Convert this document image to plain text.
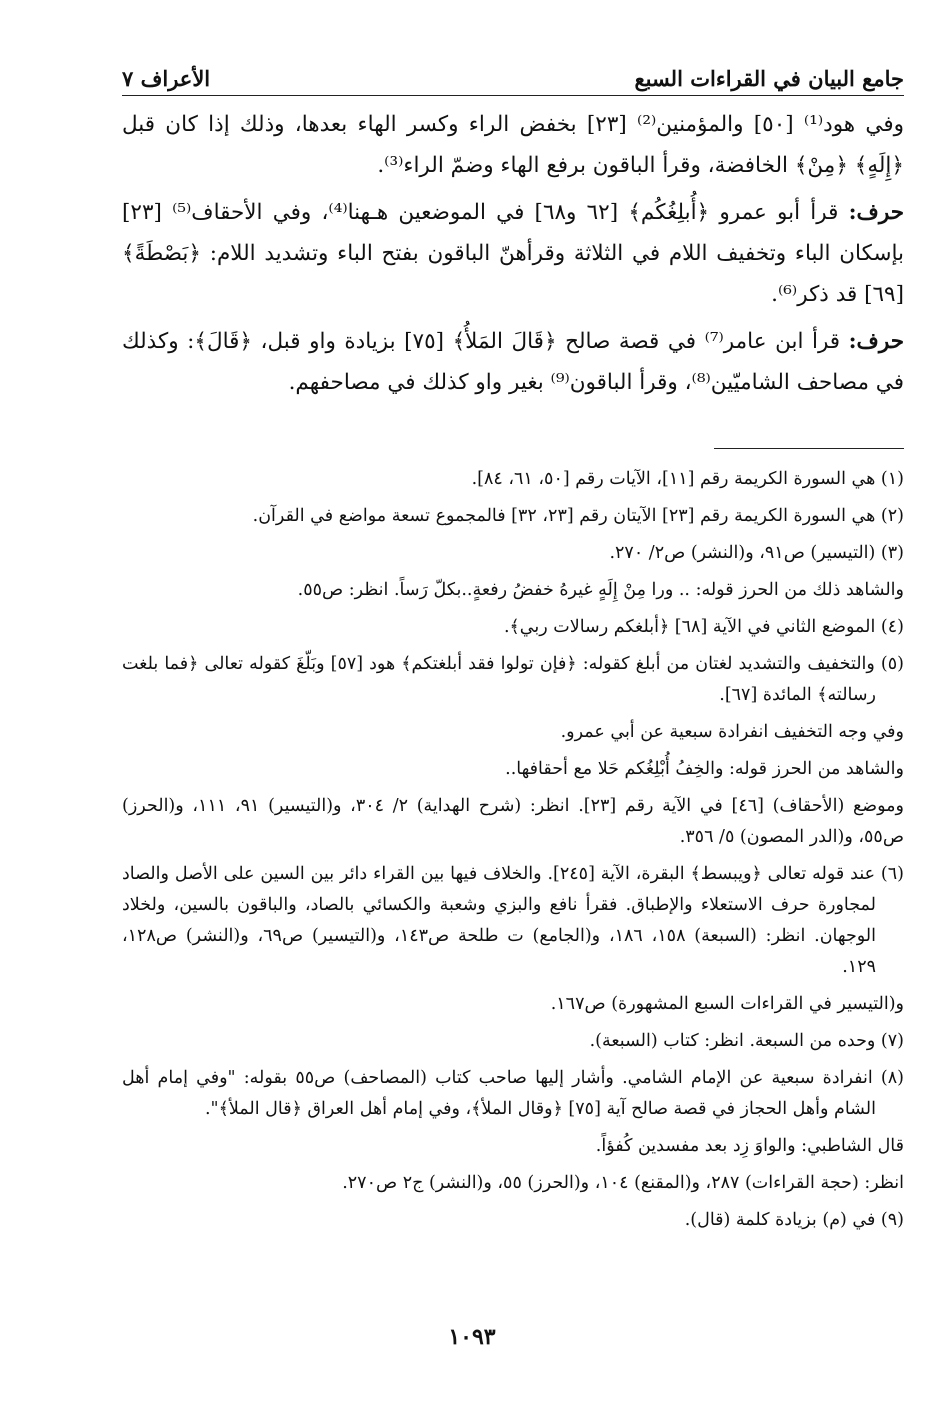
جامع البيان في القراءات السبع
الأعراف ٧

وفي هود⁽¹⁾ [٥٠] والمؤمنين⁽²⁾ [٢٣] بخفض الراء وكسر الهاء بعدها، وذلك إذا كان قبل ﴿إِلَهٍ﴾ ﴿مِنْ﴾ الخافضة، وقرأ الباقون برفع الهاء وضمّ الراء⁽³⁾.

حرف: قرأ أبو عمرو ﴿أُبلِغُكُم﴾ [٦٢ و٦٨] في الموضعين هـهنا⁽⁴⁾، وفي الأحقاف⁽⁵⁾ [٢٣] بإسكان الباء وتخفيف اللام في الثلاثة وقرأهنّ الباقون بفتح الباء وتشديد اللام: ﴿بَصْطَةً﴾ [٦٩] قد ذكر⁽⁶⁾.

حرف: قرأ ابن عامر⁽⁷⁾ في قصة صالح ﴿قَالَ المَلأُ﴾ [٧٥] بزيادة واو قبل، ﴿قَالَ﴾: وكذلك في مصاحف الشاميّين⁽⁸⁾، وقرأ الباقون⁽⁹⁾ بغير واو كذلك في مصاحفهم.

(١) هي السورة الكريمة رقم [١١]، الآيات رقم [٥٠، ٦١، ٨٤].

(٢) هي السورة الكريمة رقم [٢٣] الآيتان رقم [٢٣، ٣٢] فالمجموع تسعة مواضع في القرآن.

(٣) (التيسير) ص٩١، و(النشر) ص٢/ ٢٧٠.

والشاهد ذلك من الحرز قوله: .. ورا مِنْ إِلَهٍ غيرهُ خفضُ رفعةٍ..بكلّ رَساً. انظر: ص٥٥.

(٤) الموضع الثاني في الآية [٦٨] ﴿أبلغكم رسالات ربي﴾.

(٥) والتخفيف والتشديد لغتان من أبلغ كقوله: ﴿فإن تولوا فقد أبلغتكم﴾ هود [٥٧] وبَلّغَ كقوله تعالى ﴿فما بلغت رسالته﴾ المائدة [٦٧].

وفي وجه التخفيف انفرادة سبعية عن أبي عمرو.

والشاهد من الحرز قوله: والخِفُ أُبْلِغُكم حَلا مع أحقافها..

وموضع (الأحقاف) [٤٦] في الآية رقم [٢٣]. انظر: (شرح الهداية) ٢/ ٣٠٤، و(التيسير) ٩١، ١١١، و(الحرز) ص٥٥، و(الدر المصون) ٥/ ٣٥٦.

(٦) عند قوله تعالى ﴿ويبسط﴾ البقرة، الآية [٢٤٥]. والخلاف فيها بين القراء دائر بين السين على الأصل والصاد لمجاورة حرف الاستعلاء والإطباق. فقرأ نافع والبزي وشعبة والكسائي بالصاد، والباقون بالسين، ولخلاد الوجهان. انظر: (السبعة) ١٥٨، ١٨٦، و(الجامع) ت طلحة ص١٤٣، و(التيسير) ص٦٩، و(النشر) ص١٢٨، ١٢٩.

و(التيسير في القراءات السبع المشهورة) ص١٦٧.

(٧) وحده من السبعة. انظر: كتاب (السبعة).

(٨) انفرادة سبعية عن الإمام الشامي. وأشار إليها صاحب كتاب (المصاحف) ص٥٥ بقوله: "وفي إمام أهل الشام وأهل الحجاز في قصة صالح آية [٧٥] ﴿وقال الملأ﴾، وفي إمام أهل العراق ﴿قال الملأ﴾".

قال الشاطبي: والواوَ زِد بعد مفسدين كُفؤاً.

انظر: (حجة القراءات) ٢٨٧، و(المقنع) ١٠٤، و(الحرز) ٥٥، و(النشر) ج٢ ص٢٧٠.

(٩) في (م) بزيادة كلمة (قال).

١٠٩٣
